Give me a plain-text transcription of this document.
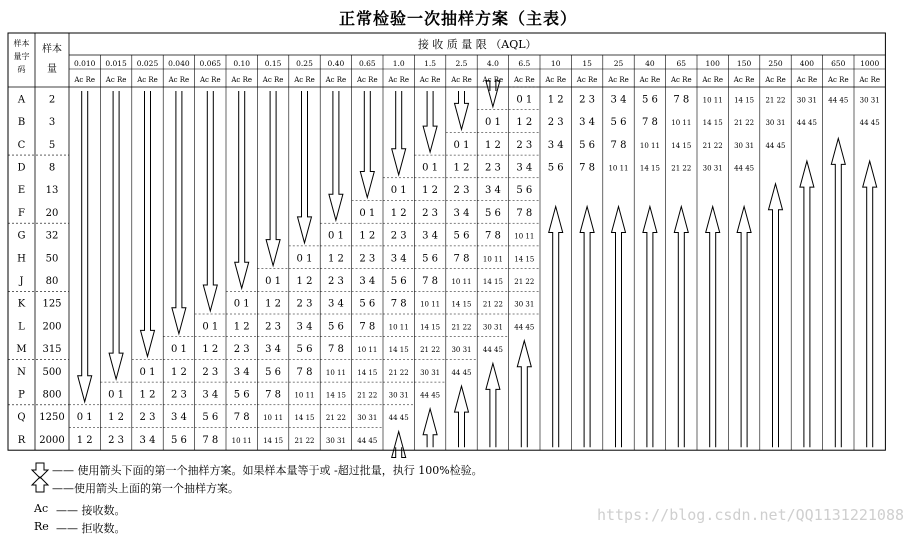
正常检验一次抽样方案（主表）
样本量字码
样本量
接 收 质 量 限 （AQL）
0.010
Ac Re
0.015
Ac Re
0.025
Ac Re
0.040
Ac Re
0.065
Ac Re
0.10
Ac Re
0.15
Ac Re
0.25
Ac Re
0.40
Ac Re
0.65
Ac Re
1.0
Ac Re
1.5
Ac Re
2.5
Ac Re
4.0
Ac Re
6.5
Ac Re
10
Ac Re
15
Ac Re
25
Ac Re
40
Ac Re
65
Ac Re
100
Ac Re
150
Ac Re
250
Ac Re
400
Ac Re
650
Ac Re
1000
Ac Re
A 2
B 3
C 5
D 8
E 13
F 20
G 32
H 50
J 80
K 125
L 200
M 315
N 500
P 800
Q 1250
R 2000
0 1
1 2
0 1
1 2
2 3
0 1
1 2
2 3
3 4
0 1
1 2
2 3
3 4
5 6
0 1
1 2
2 3
3 4
5 6
7 8
0 1
1 2
2 3
3 4
5 6
7 8
10 11
0 1
1 2
2 3
3 4
5 6
7 8
10 11
14 15
0 1
1 2
2 3
3 4
5 6
7 8
10 11
14 15
21 22
0 1
1 2
2 3
3 4
5 6
7 8
10 11
14 15
21 22
30 31
0 1
1 2
2 3
3 4
5 6
7 8
10 11
14 15
21 22
30 31
44 45
0 1
1 2
2 3
3 4
5 6
7 8
10 11
14 15
21 22
30 31
44 45
0 1
1 2
2 3
3 4
5 6
7 8
10 11
14 15
21 22
30 31
44 45
0 1
1 2
2 3
3 4
5 6
7 8
10 11
14 15
21 22
30 31
44 45
0 1
1 2
2 3
3 4
5 6
7 8
10 11
14 15
21 22
30 31
44 45
0 1
1 2
2 3
3 4
5 6
7 8
10 11
14 15
21 22
30 31
44 45
1 2
2 3
3 4
5 6
2 3
3 4
5 6
7 8
3 4
5 6
7 8
10 11
5 6
7 8
10 11
14 15
7 8
10 11
14 15
21 22
10 11
14 15
21 22
30 31
14 15
21 22
30 31
44 45
21 22
30 31
44 45
30 31
44 45
44 45 30 31
44 45
—— 使用箭头下面的第一个抽样方案。如果样本量等于或 -超过批量，执行 100%检验。
——使用箭头上面的第一个抽样方案。
Ac —— 接收数。
Re —— 拒收数。
https://blog.csdn.net/QQ1131221088
